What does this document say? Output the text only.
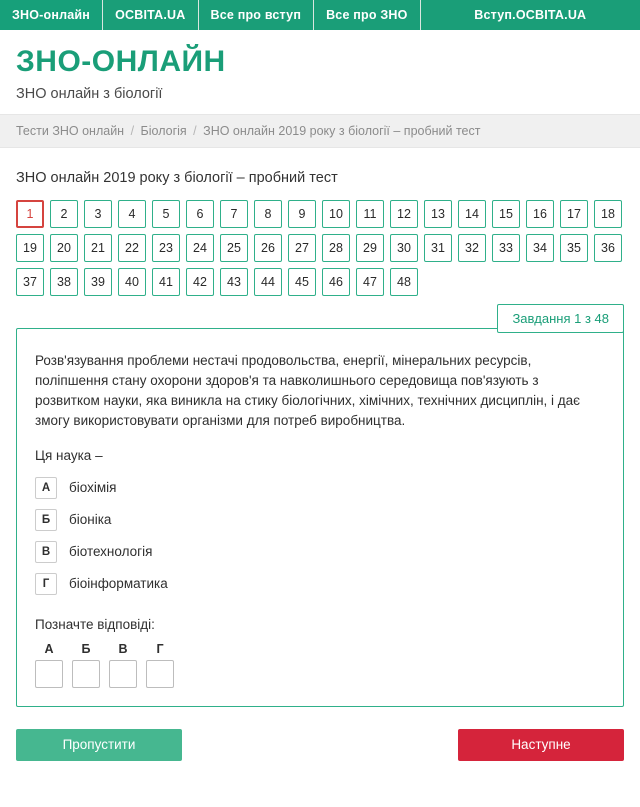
ЗНО-онлайн ОСВІТА.UA Все про вступ Все про ЗНО	Вступ.ОСВІТА.UA
ЗНО-ОНЛАЙН

ЗНО онлайн з біології

Тести ЗНО онлайн / Біологія / ЗНО онлайн 2019 року з біології – пробний тест
ЗНО онлайн 2019 року з біології – пробний тест
1	2	3	4	5	6	7	8	9	10	11	12	13	14	15	16	17	18
19	20	21	22	23	24	25	26	27	28	29	30	31	32	33	34	35	36
37	38	39	40	41	42	43	44	45	46	47	48
Завдання 1 з 48

Розв'язування проблеми нестачі продовольства, енергії, мінеральних ресурсів, поліпшення стану охорони здоров'я та навколишнього середовища пов'язують з розвитком науки, яка виникла на стику біологічних, хімічних, технічних дисциплін, і дає змогу використовувати організми для потреб виробництва.

Ця наука –

А	біохімія
Б	біоніка
В	біотехнологія
Г	біоінформатика

Позначте відповіді:

А	Б	В	Г
Пропустити	Наступне
